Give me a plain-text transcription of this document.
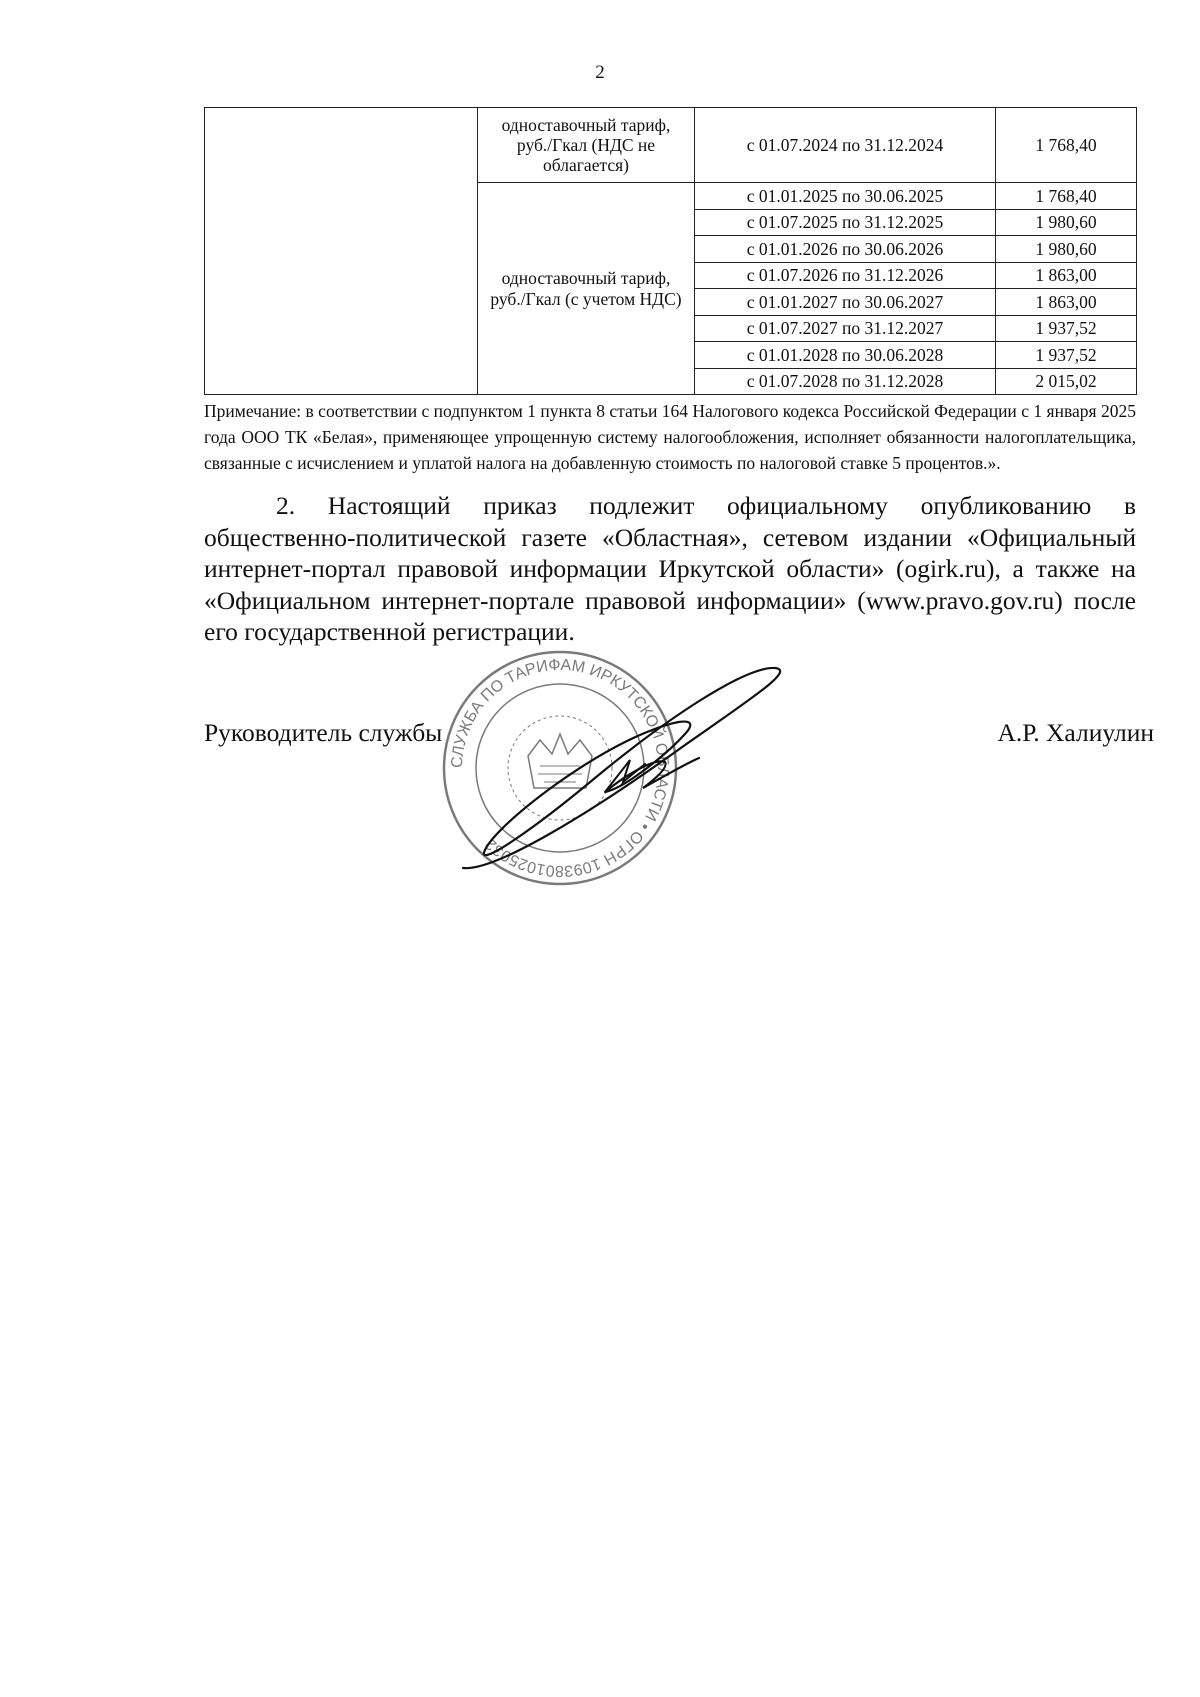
2
	одноставочный тариф, руб./Гкал (НДС не облагается)	с 01.07.2024 по 31.12.2024	1 768,40
	одноставочный тариф, руб./Гкал (с учетом НДС)	с 01.01.2025 по 30.06.2025	1 768,40
		с 01.07.2025 по 31.12.2025	1 980,60
		с 01.01.2026 по 30.06.2026	1 980,60
		с 01.07.2026 по 31.12.2026	1 863,00
		с 01.01.2027 по 30.06.2027	1 863,00
		с 01.07.2027 по 31.12.2027	1 937,52
		с 01.01.2028 по 30.06.2028	1 937,52
		с 01.07.2028 по 31.12.2028	2 015,02
Примечание: в соответствии с подпунктом 1 пункта 8 статьи 164 Налогового кодекса Российской Федерации с 1 января 2025 года ООО ТК «Белая», применяющее упрощенную систему налогообложения, исполняет обязанности налогоплательщика, связанные с исчислением и уплатой налога на добавленную стоимость по налоговой ставке 5 процентов.».
2. Настоящий приказ подлежит официальному опубликованию в общественно-политической газете «Областная», сетевом издании «Официальный интернет-портал правовой информации Иркутской области» (ogirk.ru), а также на «Официальном интернет-портале правовой информации» (www.pravo.gov.ru) после его государственной регистрации.
Руководитель службы	А.Р. Халиулин
СЛУЖБА ПО ТАРИФАМ ИРКУТСКОЙ ОБЛАСТИ • ОГРН 1093801025032
